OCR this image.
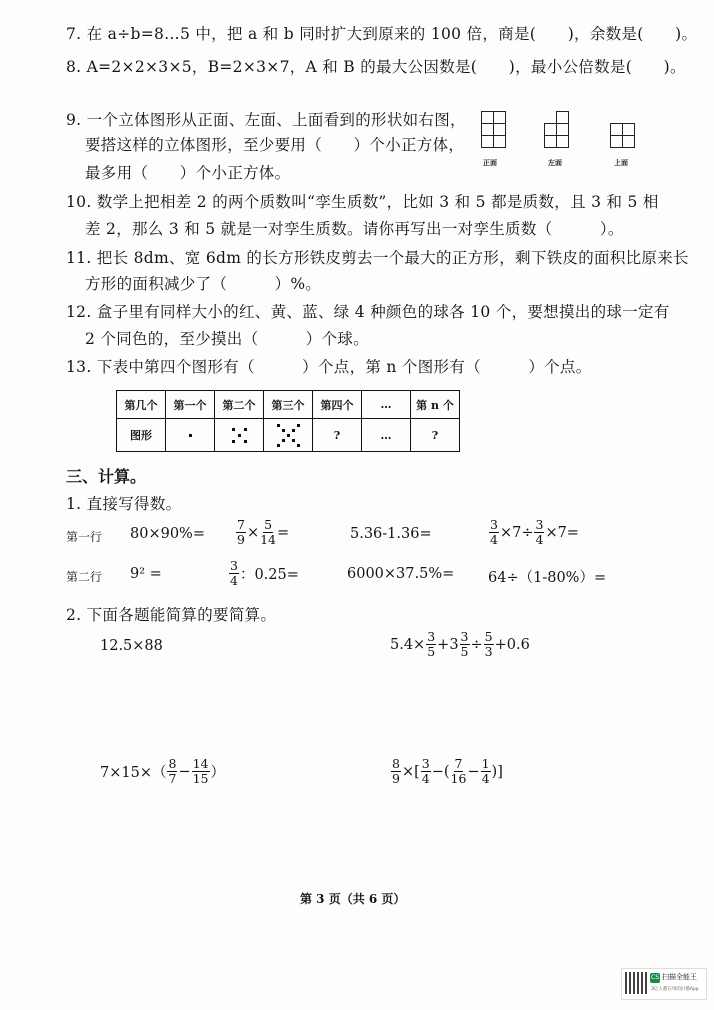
7. 在 a÷b=8…5 中，把 a 和 b 同时扩大到原来的 100 倍，商是(　　)，余数是(　　)。
8. A=2×2×3×5，B=2×3×7，A 和 B 的最大公因数是(　　)，最小公倍数是(　　)。
9. 一个立体图形从正面、左面、上面看到的形状如右图，
要搭这样的立体图形，至少要用（　　）个小正方体，
最多用（　　）个小正方体。
正面	左面	上面
10. 数学上把相差 2 的两个质数叫“孪生质数”，比如 3 和 5 都是质数，且 3 和 5 相
差 2，那么 3 和 5 就是一对孪生质数。请你再写出一对孪生质数（　　　）。
11. 把长 8dm、宽 6dm 的长方形铁皮剪去一个最大的正方形，剩下铁皮的面积比原来长
方形的面积减少了（　　　）%。
12. 盒子里有同样大小的红、黄、蓝、绿 4 种颜色的球各 10 个，要想摸出的球一定有
2 个同色的，至少摸出（　　　）个球。
13. 下表中第四个图形有（　　　）个点，第 n 个图形有（　　　）个点。
第几个	第一个	第二个	第三个	第四个	…	第 n 个
图形				?	…	?
三、计算。
1. 直接写得数。
第一行 $80\times 90\%= \frac{7}{9} \times \frac{5}{14}$ =	5.36-1.36=	$\frac{3}{4} \times 7\div \frac{3}{4} \times 7=$
第二行 9² =	$\frac{3}{4}$ ：0.25=	6000×37.5%= 64÷（1-80%）=
2. 下面各题能简算的要简算。
12.5×88	$5.4\times \frac{3}{5} +3 \frac{3}{5} \div \frac{5}{3} +0.6$
$7\times 15\times( \frac{8}{7} - \frac{14}{15}$ ）	$\frac{8}{9}$ ×[ $\frac{3}{4}$ −( $\frac{7}{16} - \frac{1}{4}$ )]
第 3 页（共 6 页）
CS 扫描全能王
3亿人都在用的扫描App
